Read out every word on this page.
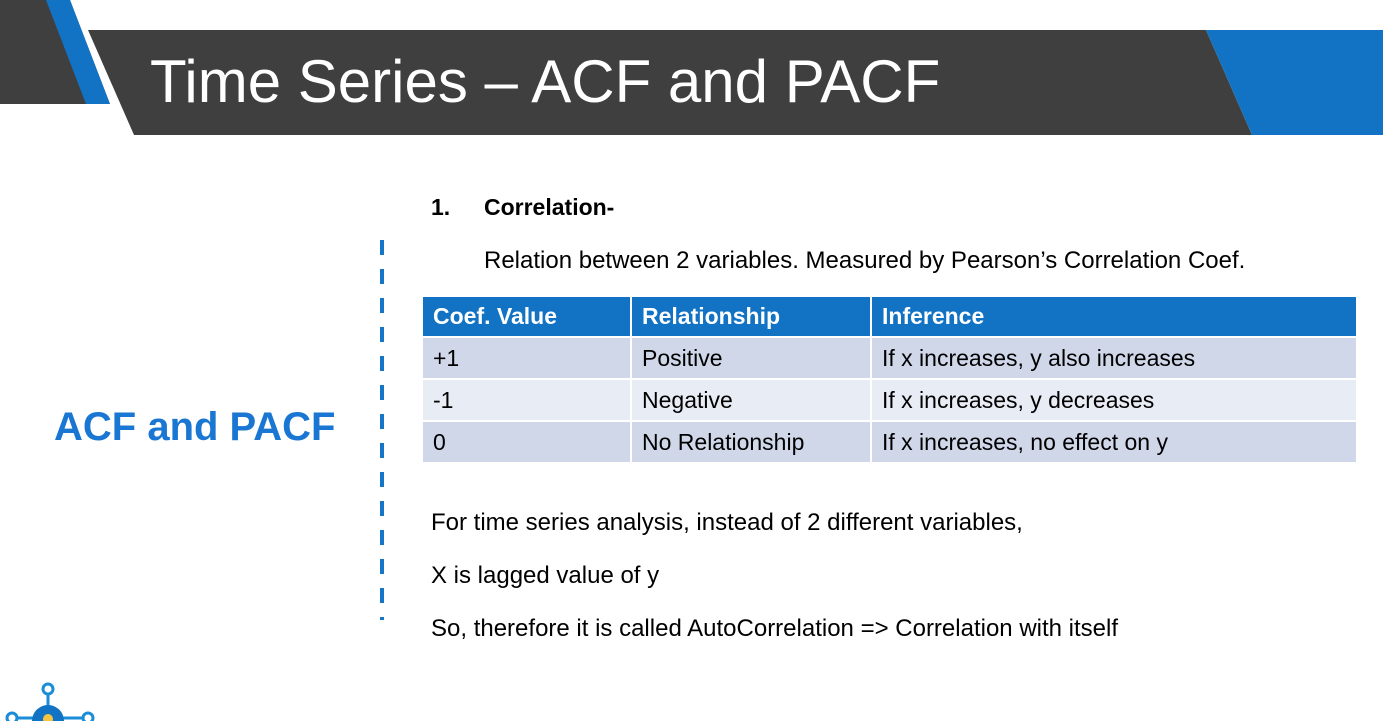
Time Series – ACF and PACF
ACF and PACF
1. Correlation-
Relation between 2 variables. Measured by Pearson’s Correlation Coef.
Coef. Value	Relationship	Inference
+1	Positive	If x increases, y also increases
-1	Negative	If x increases, y decreases
0	No Relationship	If x increases, no effect on y
For time series analysis, instead of 2 different variables,
X is lagged value of y
So, therefore it is called AutoCorrelation => Correlation with itself
